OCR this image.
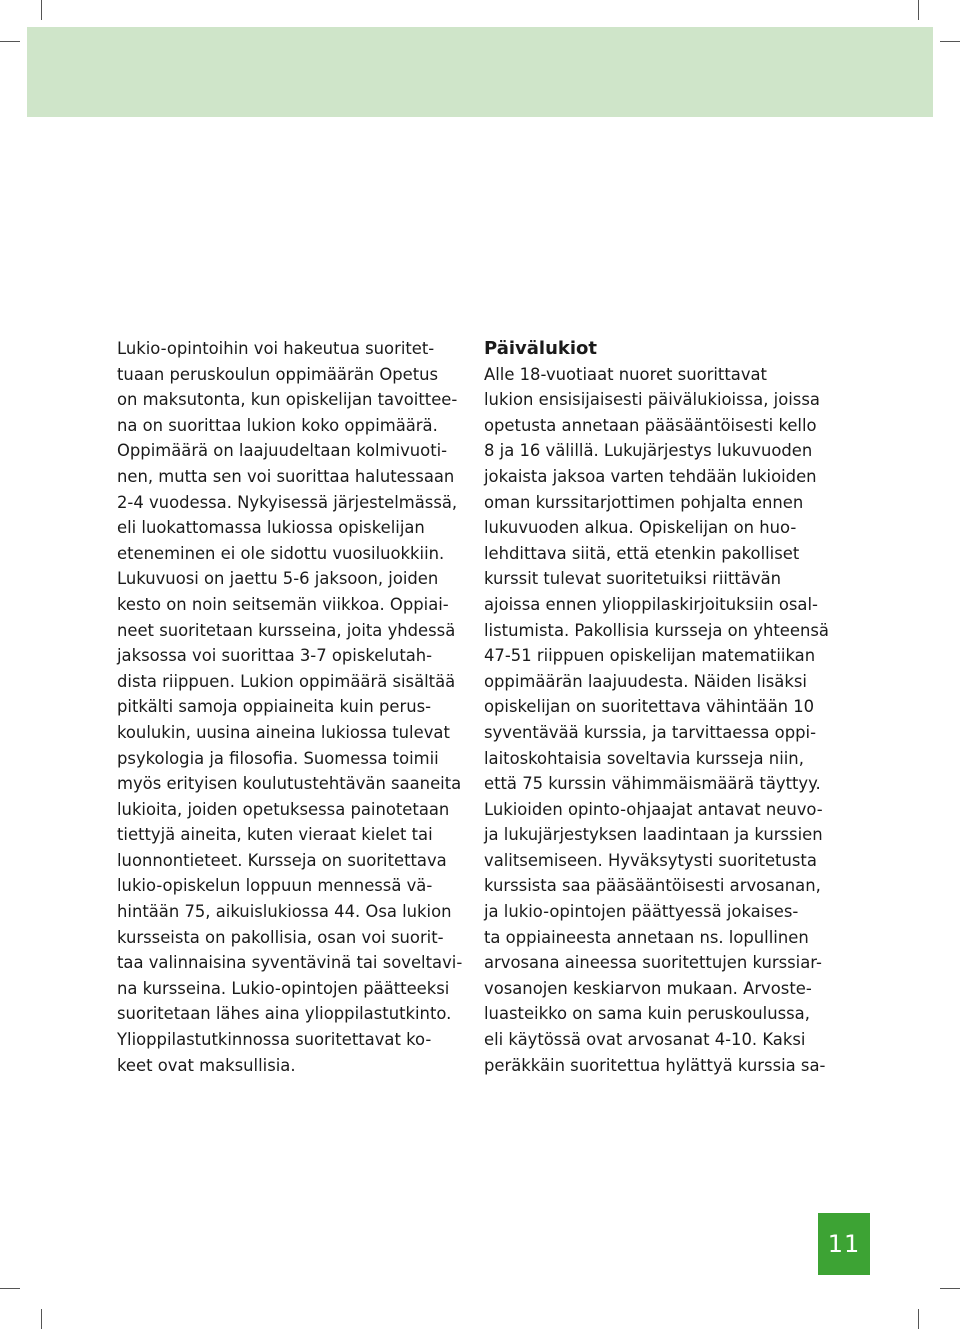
Lukio-opintoihin voi hakeutua suoritet-
tuaan peruskoulun oppimäärän Opetus
on maksutonta, kun opiskelijan tavoittee-
na on suorittaa lukion koko oppimäärä.
Oppimäärä on laajuudeltaan kolmivuoti-
nen, mutta sen voi suorittaa halutessaan
2-4 vuodessa. Nykyisessä järjestelmässä,
eli luokattomassa lukiossa opiskelijan
eteneminen ei ole sidottu vuosiluokkiin.
Lukuvuosi on jaettu 5-6 jaksoon, joiden
kesto on noin seitsemän viikkoa. Oppiai-
neet suoritetaan kursseina, joita yhdessä
jaksossa voi suorittaa 3-7 opiskelutah-
dista riippuen. Lukion oppimäärä sisältää
pitkälti samoja oppiaineita kuin perus-
koulukin, uusina aineina lukiossa tulevat
psykologia ja filosofia. Suomessa toimii
myös erityisen koulutustehtävän saaneita
lukioita, joiden opetuksessa painotetaan
tiettyjä aineita, kuten vieraat kielet tai
luonnontieteet. Kursseja on suoritettava
lukio-opiskelun loppuun mennessä vä-
hintään 75, aikuislukiossa 44. Osa lukion
kursseista on pakollisia, osan voi suorit-
taa valinnaisina syventävinä tai soveltavi-
na kursseina. Lukio-opintojen päätteeksi
suoritetaan lähes aina ylioppilastutkinto.
Ylioppilastutkinnossa suoritettavat ko-
keet ovat maksullisia.
Päivälukiot
Alle 18-vuotiaat nuoret suorittavat
lukion ensisijaisesti päivälukioissa, joissa
opetusta annetaan pääsääntöisesti kello
8 ja 16 välillä. Lukujärjestys lukuvuoden
jokaista jaksoa varten tehdään lukioiden
oman kurssitarjottimen pohjalta ennen
lukuvuoden alkua. Opiskelijan on huo-
lehdittava siitä, että etenkin pakolliset
kurssit tulevat suoritetuiksi riittävän
ajoissa ennen ylioppilaskirjoituksiin osal-
listumista. Pakollisia kursseja on yhteensä
47-51 riippuen opiskelijan matematiikan
oppimäärän laajuudesta. Näiden lisäksi
opiskelijan on suoritettava vähintään 10
syventävää kurssia, ja tarvittaessa oppi-
laitoskohtaisia soveltavia kursseja niin,
että 75 kurssin vähimmäismäärä täyttyy.
Lukioiden opinto-ohjaajat antavat neuvo-
ja lukujärjestyksen laadintaan ja kurssien
valitsemiseen. Hyväksytysti suoritetusta
kurssista saa pääsääntöisesti arvosanan,
ja lukio-opintojen päättyessä jokaises-
ta oppiaineesta annetaan ns. lopullinen
arvosana aineessa suoritettujen kurssiar-
vosanojen keskiarvon mukaan. Arvoste-
luasteikko on sama kuin peruskoulussa,
eli käytössä ovat arvosanat 4-10. Kaksi
peräkkäin suoritettua hylättyä kurssia sa-
11
